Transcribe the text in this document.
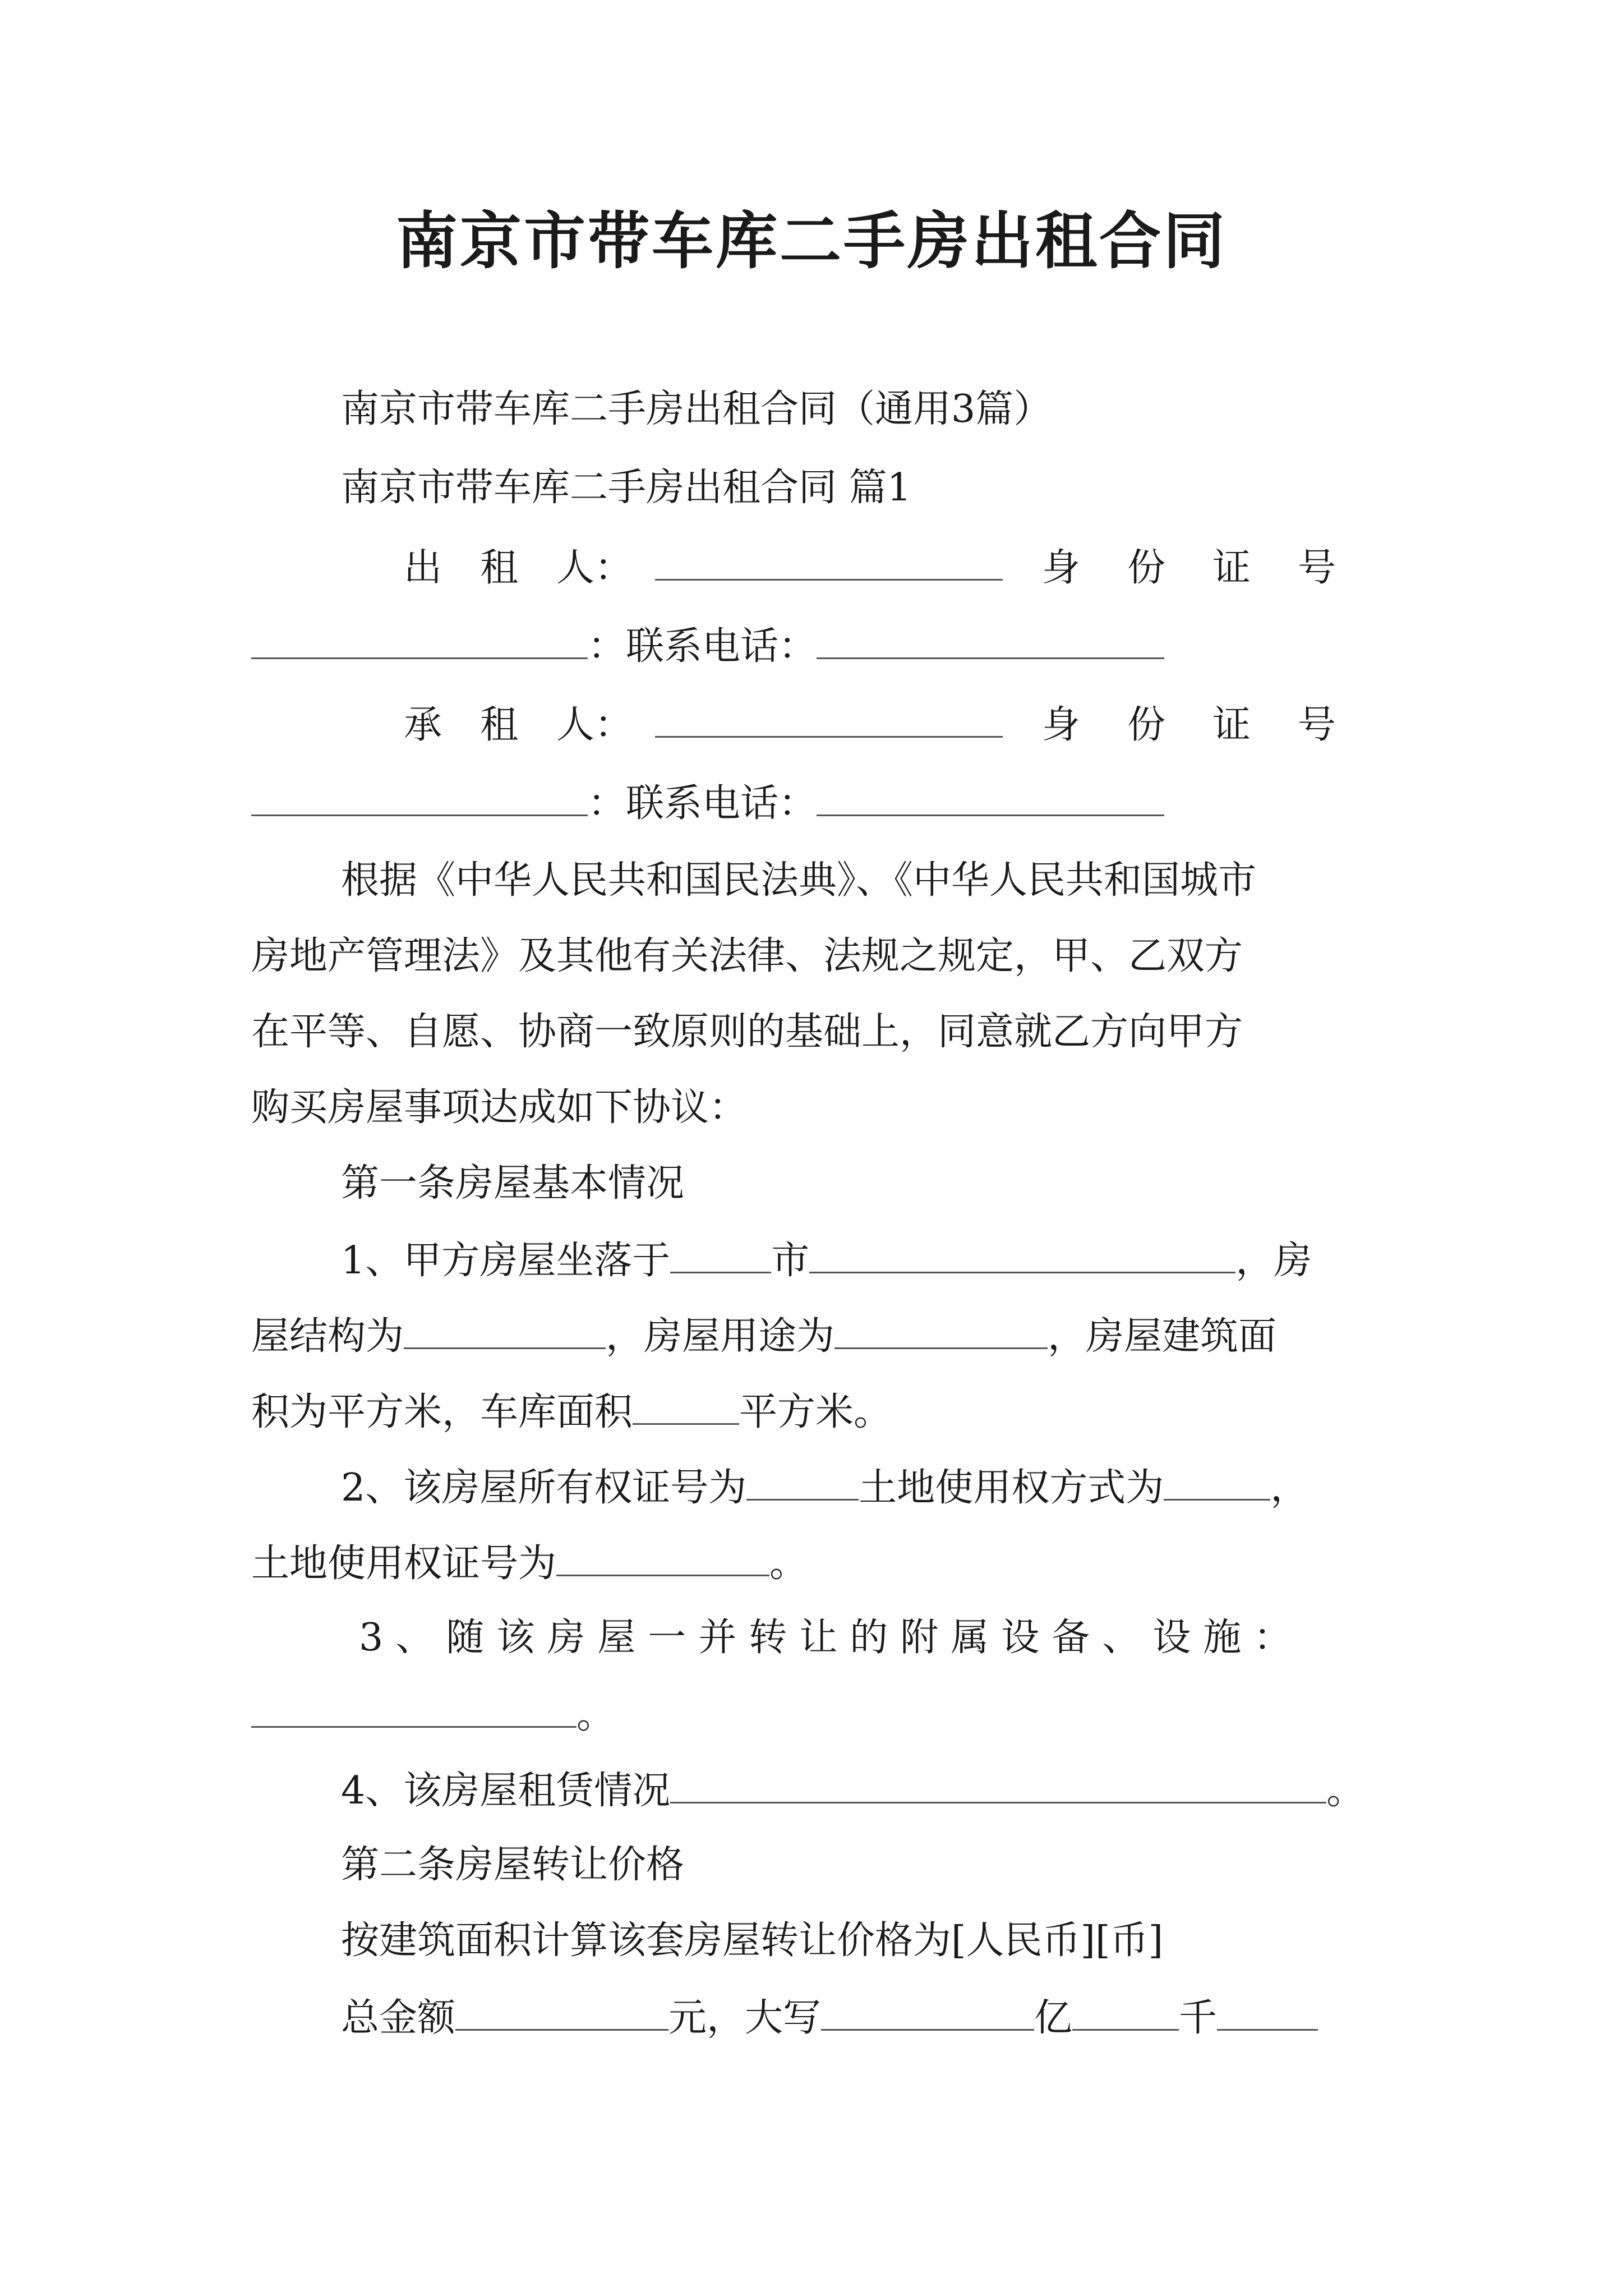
南京市带车库二手房出租合同
南京市带车库二手房出租合同（通用3篇）
南京市带车库二手房出租合同 篇1
出　租　人：	身　份　证　号
：联系电话：
承　租　人：	身　份　证　号
：联系电话：
根据《中华人民共和国民法典》、《中华人民共和国城市
房地产管理法》及其他有关法律、法规之规定，甲、乙双方
在平等、自愿、协商一致原则的基础上，同意就乙方向甲方
购买房屋事项达成如下协议：
第一条房屋基本情况
1、甲方房屋坐落于	市	，房
屋结构为	，房屋用途为	，房屋建筑面
积为平方米，车库面积	平方米。
2、该房屋所有权证号为	土地使用权方式为	，
土地使用权证号为	。
3、随该房屋一并转让的附属设备、设施：
。
4、该房屋租赁情况	。
第二条房屋转让价格
按建筑面积计算该套房屋转让价格为[人民币][币]
总金额	元，大写	亿	千
